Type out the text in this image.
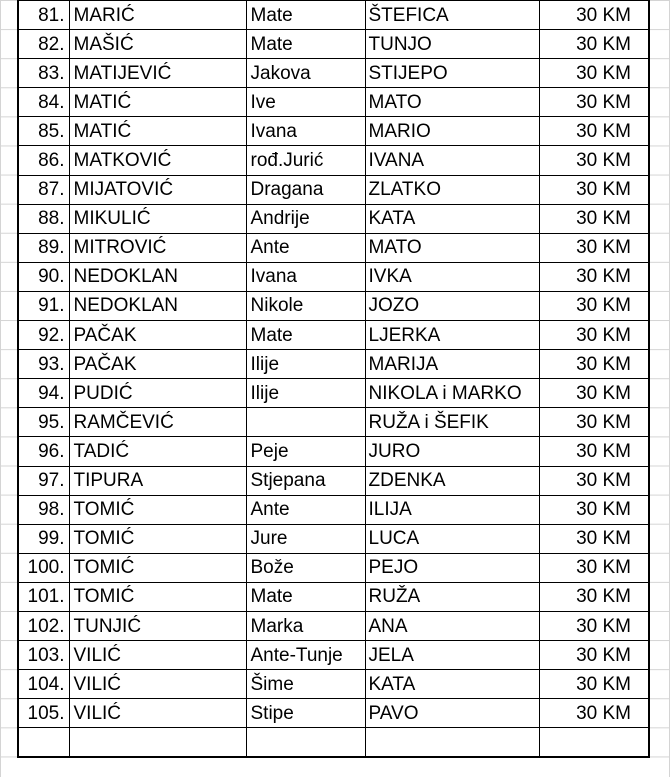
81.	MARIĆ	Mate	ŠTEFICA	30 KM
82.	MAŠIĆ	Mate	TUNJO	30 KM
83.	MATIJEVIĆ	Jakova	STIJEPO	30 KM
84.	MATIĆ	Ive	MATO	30 KM
85.	MATIĆ	Ivana	MARIO	30 KM
86.	MATKOVIĆ	rođ.Jurić	IVANA	30 KM
87.	MIJATOVIĆ	Dragana	ZLATKO	30 KM
88.	MIKULIĆ	Andrije	KATA	30 KM
89.	MITROVIĆ	Ante	MATO	30 KM
90.	NEDOKLAN	Ivana	IVKA	30 KM
91.	NEDOKLAN	Nikole	JOZO	30 KM
92.	PAČAK	Mate	LJERKA	30 KM
93.	PAČAK	Ilije	MARIJA	30 KM
94.	PUDIĆ	Ilije	NIKOLA i MARKO	30 KM
95.	RAMČEVIĆ		RUŽA i ŠEFIK	30 KM
96.	TADIĆ	Peje	JURO	30 KM
97.	TIPURA	Stjepana	ZDENKA	30 KM
98.	TOMIĆ	Ante	ILIJA	30 KM
99.	TOMIĆ	Jure	LUCA	30 KM
100.	TOMIĆ	Bože	PEJO	30 KM
101.	TOMIĆ	Mate	RUŽA	30 KM
102.	TUNJIĆ	Marka	ANA	30 KM
103.	VILIĆ	Ante-Tunje	JELA	30 KM
104.	VILIĆ	Šime	KATA	30 KM
105.	VILIĆ	Stipe	PAVO	30 KM
